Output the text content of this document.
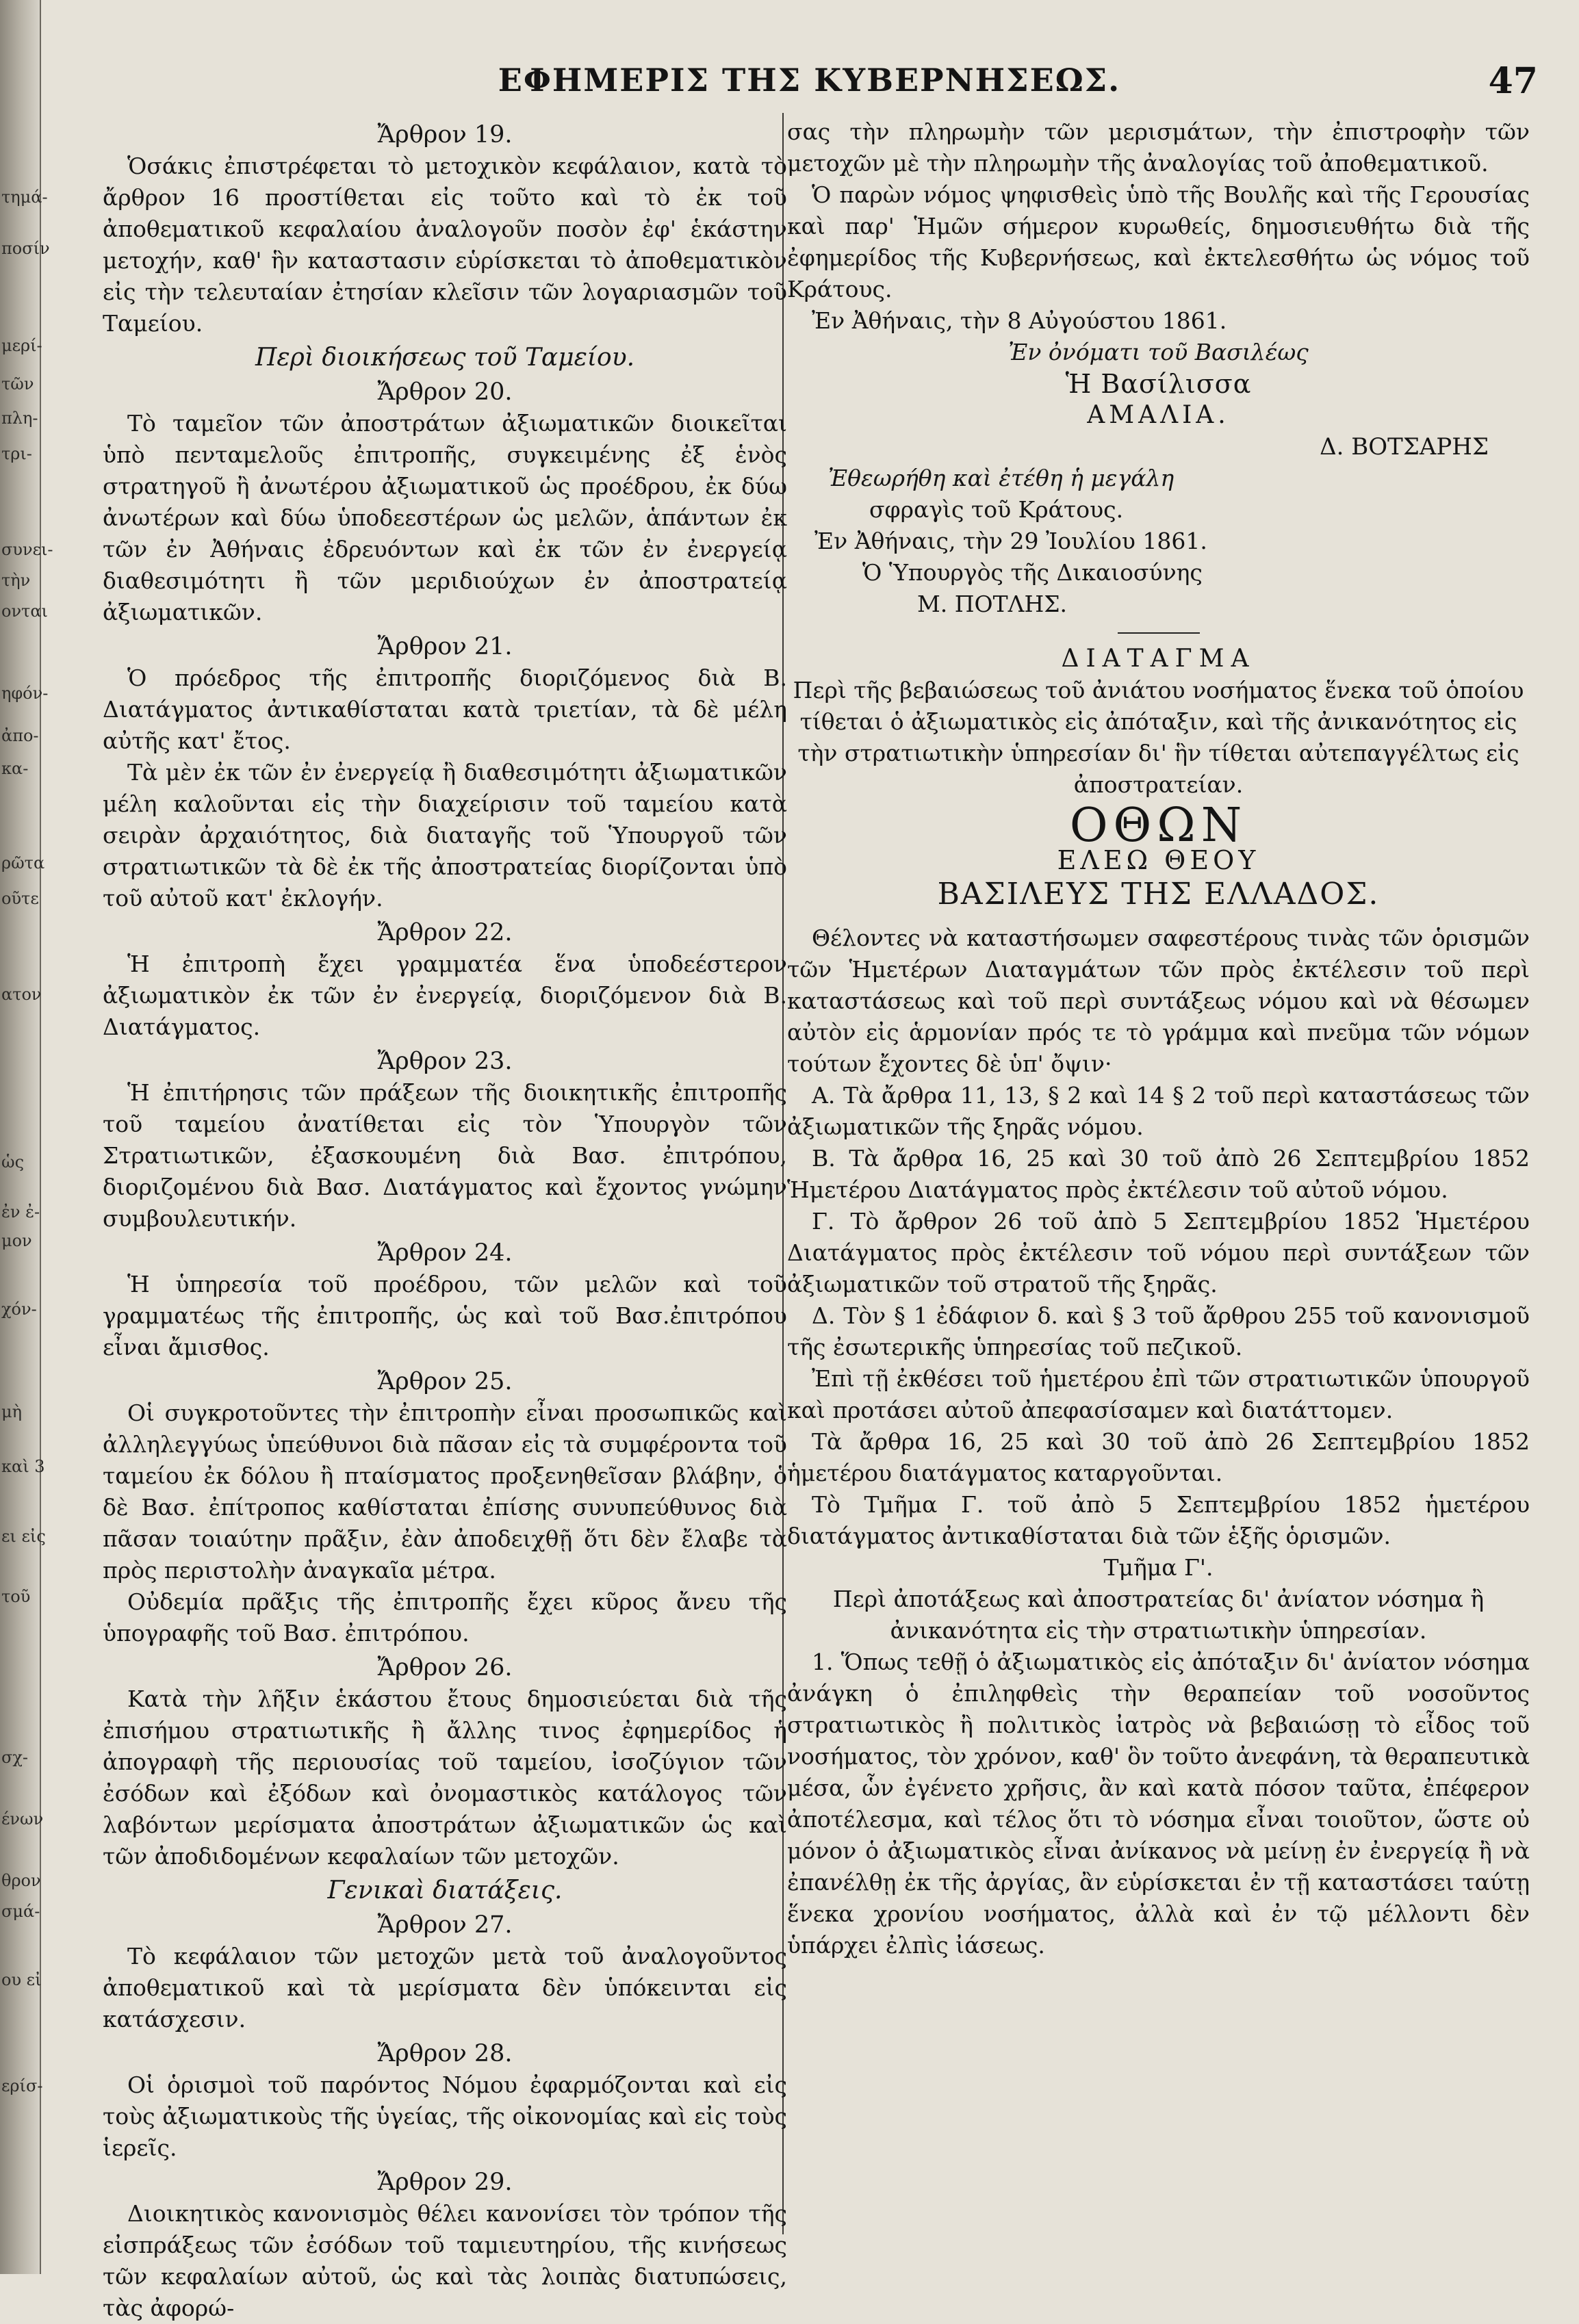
τημά-
ποσίν
μερί-
τῶν
πλη-
τρι-
συνει-
τὴν
ονται
ηφόν-
ἀπο-
κα-
ρῶτα
οῦτε
ατον
ὡς
ἐν ἐ-
μον
χόν-
μὴ
καὶ 3
ει εἰς
τοῦ
σχ-
ένων
θρον
σμά-
ου εἰ
ερίσ-
ΕΦΗΜΕΡΙΣ ΤΗΣ ΚΥΒΕΡΝΗΣΕΩΣ.	47
Ἄρθρον 19.

Ὁσάκις ἐπιστρέφεται τὸ μετοχικὸν κεφάλαιον, κατὰ τὸ ἄρθρον 16 προστίθεται εἰς τοῦτο καὶ τὸ ἐκ τοῦ ἀποθεματικοῦ κεφαλαίου ἀναλογοῦν ποσὸν ἐφ' ἑκάστην μετοχήν, καθ' ἣν καταστασιν εὑρίσκεται τὸ ἀποθεματικὸν εἰς τὴν τελευταίαν ἐτησίαν κλεῖσιν τῶν λογαριασμῶν τοῦ Ταμείου.

Περὶ διοικήσεως τοῦ Ταμείου.
Ἄρθρον 20.

Τὸ ταμεῖον τῶν ἀποστράτων ἀξιωματικῶν διοικεῖται ὑπὸ πενταμελοῦς ἐπιτροπῆς, συγκειμένης ἐξ ἑνὸς στρατηγοῦ ἢ ἀνωτέρου ἀξιωματικοῦ ὡς προέδρου, ἐκ δύω ἀνωτέρων καὶ δύω ὑποδεεστέρων ὡς μελῶν, ἁπάντων ἐκ τῶν ἐν Ἀθήναις ἐδρευόντων καὶ ἐκ τῶν ἐν ἐνεργείᾳ διαθεσιμότητι ἢ τῶν μεριδιούχων ἐν ἀποστρατείᾳ ἀξιωματικῶν.

Ἄρθρον 21.

Ὁ πρόεδρος τῆς ἐπιτροπῆς διοριζόμενος διὰ Β. Διατάγματος ἀντικαθίσταται κατὰ τριετίαν, τὰ δὲ μέλη αὐτῆς κατ' ἔτος.

Τὰ μὲν ἐκ τῶν ἐν ἐνεργείᾳ ἢ διαθεσιμότητι ἀξιωματικῶν μέλη καλοῦνται εἰς τὴν διαχείρισιν τοῦ ταμείου κατὰ σειρὰν ἀρχαιότητος, διὰ διαταγῆς τοῦ Ὑπουργοῦ τῶν στρατιωτικῶν τὰ δὲ ἐκ τῆς ἀποστρατείας διορίζονται ὑπὸ τοῦ αὐτοῦ κατ' ἐκλογήν.

Ἄρθρον 22.

Ἡ ἐπιτροπὴ ἔχει γραμματέα ἕνα ὑποδεέστερον ἀξιωματικὸν ἐκ τῶν ἐν ἐνεργείᾳ, διοριζόμενον διὰ Β. Διατάγματος.

Ἄρθρον 23.

Ἡ ἐπιτήρησις τῶν πράξεων τῆς διοικητικῆς ἐπιτροπῆς τοῦ ταμείου ἀνατίθεται εἰς τὸν Ὑπουργὸν τῶν Στρατιωτικῶν, ἐξασκουμένη διὰ Βασ. ἐπιτρόπου, διοριζομένου διὰ Βασ. Διατάγματος καὶ ἔχοντος γνώμην συμβουλευτικήν.

Ἄρθρον 24.

Ἡ ὑπηρεσία τοῦ προέδρου, τῶν μελῶν καὶ τοῦ γραμματέως τῆς ἐπιτροπῆς, ὡς καὶ τοῦ Βασ.ἐπιτρόπου εἶναι ἄμισθος.

Ἄρθρον 25.

Οἱ συγκροτοῦντες τὴν ἐπιτροπὴν εἶναι προσωπικῶς καὶ ἀλληλεγγύως ὑπεύθυνοι διὰ πᾶσαν εἰς τὰ συμφέροντα τοῦ ταμείου ἐκ δόλου ἢ πταίσματος προξενηθεῖσαν βλάβην, ὁ δὲ Βασ. ἐπίτροπος καθίσταται ἐπίσης συνυπεύθυνος διὰ πᾶσαν τοιαύτην πρᾶξιν, ἐὰν ἀποδειχθῇ ὅτι δὲν ἔλαβε τὰ πρὸς περιστολὴν ἀναγκαῖα μέτρα.

Οὐδεμία πρᾶξις τῆς ἐπιτροπῆς ἔχει κῦρος ἄνευ τῆς ὑπογραφῆς τοῦ Βασ. ἐπιτρόπου.

Ἄρθρον 26.

Κατὰ τὴν λῆξιν ἑκάστου ἔτους δημοσιεύεται διὰ τῆς ἐπισήμου στρατιωτικῆς ἢ ἄλλης τινος ἐφημερίδος ἡ ἀπογραφὴ τῆς περιουσίας τοῦ ταμείου, ἰσοζύγιον τῶν ἐσόδων καὶ ἐξόδων καὶ ὀνομαστικὸς κατάλογος τῶν λαβόντων μερίσματα ἀποστράτων ἀξιωματικῶν ὡς καὶ τῶν ἀποδιδομένων κεφαλαίων τῶν μετοχῶν.

Γενικαὶ διατάξεις.
Ἄρθρον 27.

Τὸ κεφάλαιον τῶν μετοχῶν μετὰ τοῦ ἀναλογοῦντος ἀποθεματικοῦ καὶ τὰ μερίσματα δὲν ὑπόκεινται εἰς κατάσχεσιν.

Ἄρθρον 28.

Οἱ ὁρισμοὶ τοῦ παρόντος Νόμου ἐφαρμόζονται καὶ εἰς τοὺς ἀξιωματικοὺς τῆς ὑγείας, τῆς οἰκονομίας καὶ εἰς τοὺς ἱερεῖς.

Ἄρθρον 29.

Διοικητικὸς κανονισμὸς θέλει κανονίσει τὸν τρόπον τῆς εἰσπράξεως τῶν ἐσόδων τοῦ ταμιευτηρίου, τῆς κινήσεως τῶν κεφαλαίων αὐτοῦ, ὡς καὶ τὰς λοιπὰς διατυπώσεις, τὰς ἀφορώ-

σας τὴν πληρωμὴν τῶν μερισμάτων, τὴν ἐπιστροφὴν τῶν μετοχῶν μὲ τὴν πληρωμὴν τῆς ἀναλογίας τοῦ ἀποθεματικοῦ.

Ὁ παρὼν νόμος ψηφισθεὶς ὑπὸ τῆς Βουλῆς καὶ τῆς Γερουσίας καὶ παρ' Ἡμῶν σήμερον κυρωθείς, δημοσιευθήτω διὰ τῆς ἐφημερίδος τῆς Κυβερνήσεως, καὶ ἐκτελεσθήτω ὡς νόμος τοῦ Κράτους.

Ἐν Ἀθήναις, τὴν 8 Αὐγούστου 1861.

Ἐν ὀνόματι τοῦ Βασιλέως

Ἡ Βασίλισσα

ΑΜΑΛΙΑ.

Δ. ΒΟΤΣΑΡΗΣ

Ἐθεωρήθη καὶ ἐτέθη ἡ μεγάλη

σφραγὶς τοῦ Κράτους.

Ἐν Ἀθήναις, τὴν 29 Ἰουλίου 1861.

Ὁ Ὑπουργὸς τῆς Δικαιοσύνης

Μ. ΠΟΤΛΗΣ.

ΔΙΑΤΑΓΜΑ

Περὶ τῆς βεβαιώσεως τοῦ ἀνιάτου νοσήματος ἕνεκα τοῦ ὁποίου τίθεται ὁ ἀξιωματικὸς εἰς ἀπόταξιν, καὶ τῆς ἀνικανότητος εἰς τὴν στρατιωτικὴν ὑπηρεσίαν δι' ἣν τίθεται αὐτεπαγγέλτως εἰς ἀποστρατείαν.

ΟΘΩΝ

ΕΛΕΩ ΘΕΟΥ

ΒΑΣΙΛΕΥΣ ΤΗΣ ΕΛΛΑΔΟΣ.

Θέλοντες νὰ καταστήσωμεν σαφεστέρους τινὰς τῶν ὁρισμῶν τῶν Ἡμετέρων Διαταγμάτων τῶν πρὸς ἐκτέλεσιν τοῦ περὶ καταστάσεως καὶ τοῦ περὶ συντάξεως νόμου καὶ νὰ θέσωμεν αὐτὸν εἰς ἁρμονίαν πρός τε τὸ γράμμα καὶ πνεῦμα τῶν νόμων τούτων ἔχοντες δὲ ὑπ' ὄψιν·

Α. Τὰ ἄρθρα 11, 13, § 2 καὶ 14 § 2 τοῦ περὶ καταστάσεως τῶν ἀξιωματικῶν τῆς ξηρᾶς νόμου.

Β. Τὰ ἄρθρα 16, 25 καὶ 30 τοῦ ἀπὸ 26 Σεπτεμβρίου 1852 Ἡμετέρου Διατάγματος πρὸς ἐκτέλεσιν τοῦ αὐτοῦ νόμου.

Γ. Τὸ ἄρθρον 26 τοῦ ἀπὸ 5 Σεπτεμβρίου 1852 Ἡμετέρου Διατάγματος πρὸς ἐκτέλεσιν τοῦ νόμου περὶ συντάξεων τῶν ἀξιωματικῶν τοῦ στρατοῦ τῆς ξηρᾶς.

Δ. Τὸν § 1 ἐδάφιον δ. καὶ § 3 τοῦ ἄρθρου 255 τοῦ κανονισμοῦ τῆς ἐσωτερικῆς ὑπηρεσίας τοῦ πεζικοῦ.

Ἐπὶ τῇ ἐκθέσει τοῦ ἡμετέρου ἐπὶ τῶν στρατιωτικῶν ὑπουργοῦ καὶ προτάσει αὐτοῦ ἀπεφασίσαμεν καὶ διατάττομεν.

Τὰ ἄρθρα 16, 25 καὶ 30 τοῦ ἀπὸ 26 Σεπτεμβρίου 1852 ἡμετέρου διατάγματος καταργοῦνται.

Τὸ Τμῆμα Γ. τοῦ ἀπὸ 5 Σεπτεμβρίου 1852 ἡμετέρου διατάγματος ἀντικαθίσταται διὰ τῶν ἑξῆς ὁρισμῶν.

Τμῆμα Γ'.

Περὶ ἀποτάξεως καὶ ἀποστρατείας δι' ἀνίατον νόσημα ἢ ἀνικανότητα εἰς τὴν στρατιωτικὴν ὑπηρεσίαν.

1. Ὅπως τεθῇ ὁ ἀξιωματικὸς εἰς ἀπόταξιν δι' ἀνίατον νόσημα ἀνάγκη ὁ ἐπιληφθεὶς τὴν θεραπείαν τοῦ νοσοῦντος στρατιωτικὸς ἢ πολιτικὸς ἰατρὸς νὰ βεβαιώσῃ τὸ εἶδος τοῦ νοσήματος, τὸν χρόνον, καθ' ὃν τοῦτο ἀνεφάνη, τὰ θεραπευτικὰ μέσα, ὧν ἐγένετο χρῆσις, ἂν καὶ κατὰ πόσον ταῦτα, ἐπέφερον ἀποτέλεσμα, καὶ τέλος ὅτι τὸ νόσημα εἶναι τοιοῦτον, ὥστε οὐ μόνον ὁ ἀξιωματικὸς εἶναι ἀνίκανος νὰ μείνῃ ἐν ἐνεργείᾳ ἢ νὰ ἐπανέλθῃ ἐκ τῆς ἀργίας, ἂν εὑρίσκεται ἐν τῇ καταστάσει ταύτῃ ἕνεκα χρονίου νοσήματος, ἀλλὰ καὶ ἐν τῷ μέλλοντι δὲν ὑπάρχει ἐλπὶς ἰάσεως.
